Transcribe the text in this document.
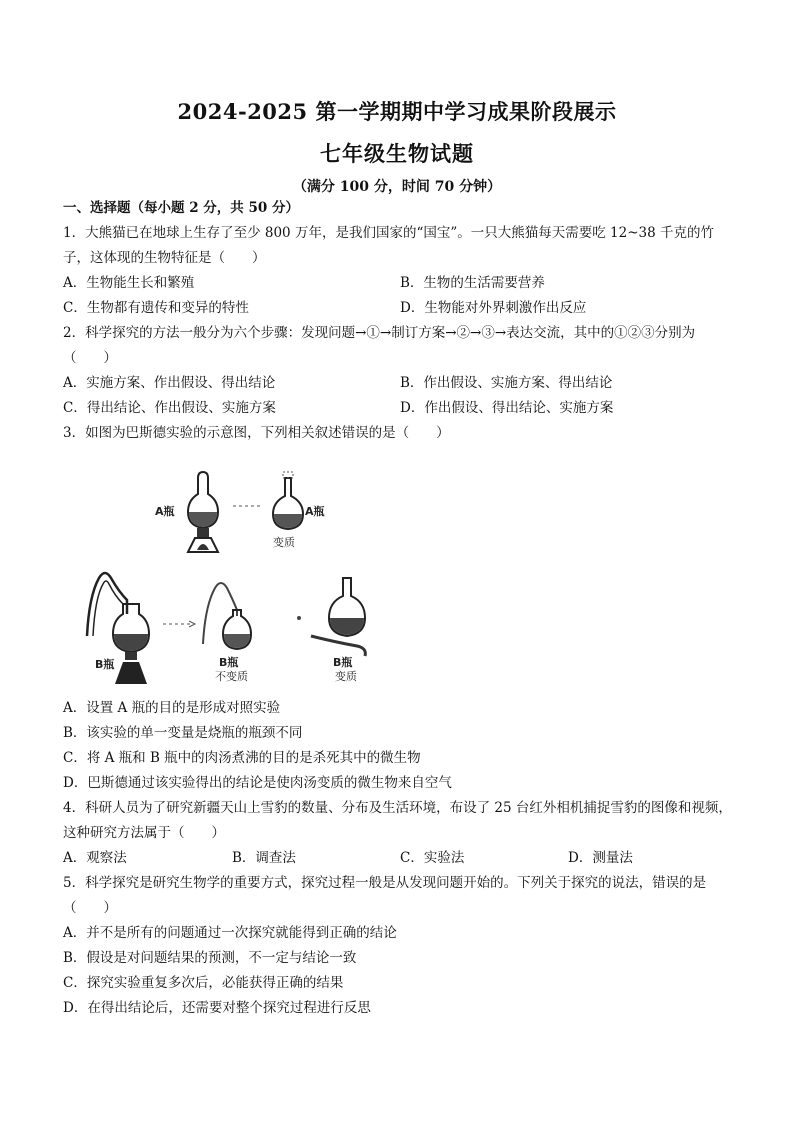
2024-2025 第一学期期中学习成果阶段展示
七年级生物试题
（满分 100 分，时间 70 分钟）
一、选择题（每小题 2 分，共 50 分）
1．大熊猫已在地球上生存了至少 800 万年，是我们国家的“国宝”。一只大熊猫每天需要吃 12~38 千克的竹
子，这体现的生物特征是（　　）
A．生物能生长和繁殖	B．生物的生活需要营养
C．生物都有遗传和变异的特性	D．生物能对外界刺激作出反应
2．科学探究的方法一般分为六个步骤：发现问题→①→制订方案→②→③→表达交流，其中的①②③分别为
（　　）
A．实施方案、作出假设、得出结论	B．作出假设、实施方案、得出结论
C．得出结论、作出假设、实施方案	D．作出假设、得出结论、实施方案
3．如图为巴斯德实验的示意图，下列相关叙述错误的是（　　）
A瓶	A瓶
变质
B瓶	B瓶
不变质
B瓶
变质
A．设置 A 瓶的目的是形成对照实验
B．该实验的单一变量是烧瓶的瓶颈不同
C．将 A 瓶和 B 瓶中的肉汤煮沸的目的是杀死其中的微生物
D．巴斯德通过该实验得出的结论是使肉汤变质的微生物来自空气
4．科研人员为了研究新疆天山上雪豹的数量、分布及生活环境，布设了 25 台红外相机捕捉雪豹的图像和视频，
这种研究方法属于（　　）
A．观察法	B．调查法	C．实验法	D．测量法
5．科学探究是研究生物学的重要方式，探究过程一般是从发现问题开始的。下列关于探究的说法，错误的是
（　　）
A．并不是所有的问题通过一次探究就能得到正确的结论
B．假设是对问题结果的预测，不一定与结论一致
C．探究实验重复多次后，必能获得正确的结果
D．在得出结论后，还需要对整个探究过程进行反思
